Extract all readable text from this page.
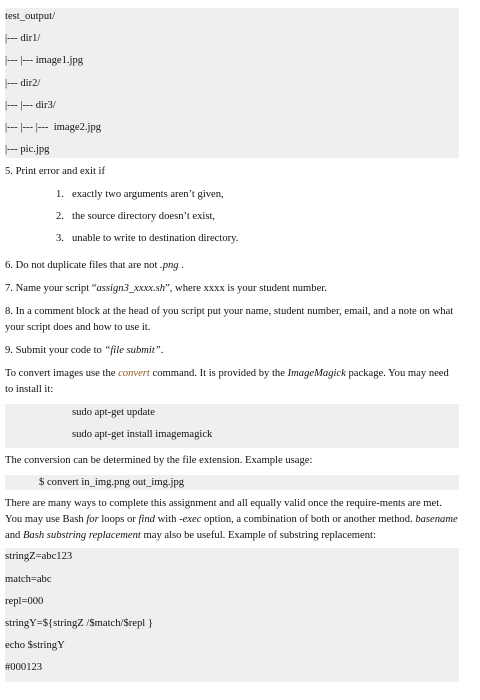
test_output/
|--- dir1/
|--- |--- image1.jpg
|--- dir2/
|--- |--- dir3/
|--- |--- |---  image2.jpg
|--- pic.jpg

5. Print error and exit if

1. exactly two arguments aren’t given,
2. the source directory doesn’t exist,
3. unable to write to destination directory.

6. Do not duplicate files that are not .png .

7. Name your script “assign3_xxxx.sh”, where xxxx is your student number.

8. In a comment block at the head of you script put your name, student number, email, and a note on what your script does and how to use it.

9. Submit your code to “file submit”.

To convert images use the convert command. It is provided by the ImageMagick package. You may need to install it:

sudo apt-get update
sudo apt-get install imagemagick

The conversion can be determined by the file extension. Example usage:

$ convert in_img.png out_img.jpg

There are many ways to complete this assignment and all equally valid once the require-ments are met. You may use Bash for loops or find with -exec option, a combination of both or another method. basename and Bash substring replacement may also be useful. Example of substring replacement:

stringZ=abc123
match=abc
repl=000
stringY=${stringZ /$match/$repl }
echo $stringY
#000123
